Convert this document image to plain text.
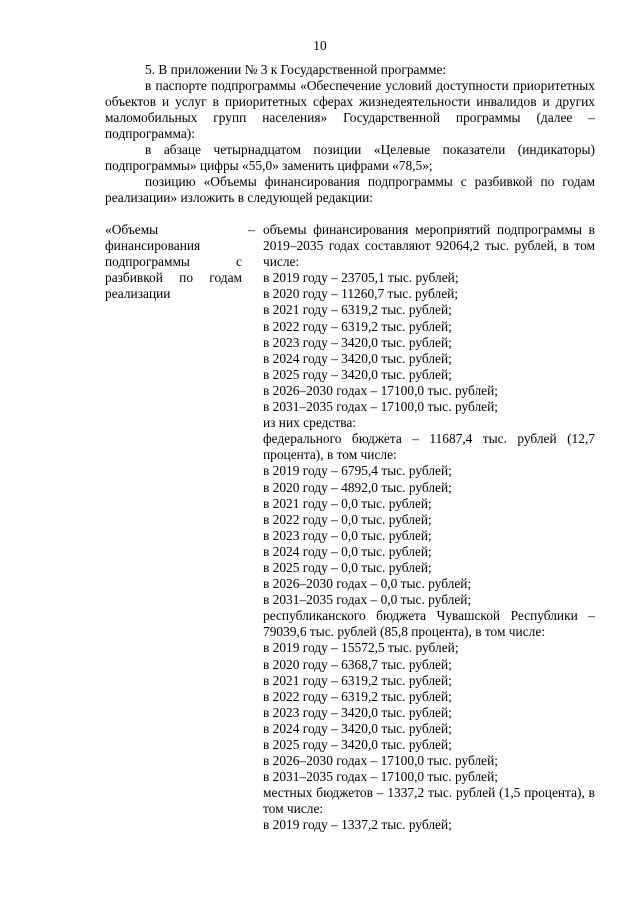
10

5. В приложении № 3 к Государственной программе:

в паспорте подпрограммы «Обеспечение условий доступности приоритетных объектов и услуг в приоритетных сферах жизнедеятельности инвалидов и других маломобильных групп населения» Государственной программы (далее – подпрограмма):

в абзаце четырнадцатом позиции «Целевые показатели (индикаторы) подпрограммы» цифры «55,0» заменить цифрами «78,5»;

позицию «Объемы финансирования подпрограммы с разбивкой по годам реализации» изложить в следующей редакции:

«Объемы финансирования подпрограммы с разбивкой по годам реализации
– объемы финансирования мероприятий подпрограммы в 2019–2035 годах составляют 92064,2 тыс. рублей, в том числе:
в 2019 году – 23705,1 тыс. рублей;
в 2020 году – 11260,7 тыс. рублей;
в 2021 году – 6319,2 тыс. рублей;
в 2022 году – 6319,2 тыс. рублей;
в 2023 году – 3420,0 тыс. рублей;
в 2024 году – 3420,0 тыс. рублей;
в 2025 году – 3420,0 тыс. рублей;
в 2026–2030 годах – 17100,0 тыс. рублей;
в 2031–2035 годах – 17100,0 тыс. рублей;
из них средства:
федерального бюджета – 11687,4 тыс. рублей (12,7 процента), в том числе:
в 2019 году – 6795,4 тыс. рублей;
в 2020 году – 4892,0 тыс. рублей;
в 2021 году – 0,0 тыс. рублей;
в 2022 году – 0,0 тыс. рублей;
в 2023 году – 0,0 тыс. рублей;
в 2024 году – 0,0 тыс. рублей;
в 2025 году – 0,0 тыс. рублей;
в 2026–2030 годах – 0,0 тыс. рублей;
в 2031–2035 годах – 0,0 тыс. рублей;
республиканского бюджета Чувашской Республики – 79039,6 тыс. рублей (85,8 процента), в том числе:
в 2019 году – 15572,5 тыс. рублей;
в 2020 году – 6368,7 тыс. рублей;
в 2021 году – 6319,2 тыс. рублей;
в 2022 году – 6319,2 тыс. рублей;
в 2023 году – 3420,0 тыс. рублей;
в 2024 году – 3420,0 тыс. рублей;
в 2025 году – 3420,0 тыс. рублей;
в 2026–2030 годах – 17100,0 тыс. рублей;
в 2031–2035 годах – 17100,0 тыс. рублей;
местных бюджетов – 1337,2 тыс. рублей (1,5 процента), в том числе:
в 2019 году – 1337,2 тыс. рублей;
